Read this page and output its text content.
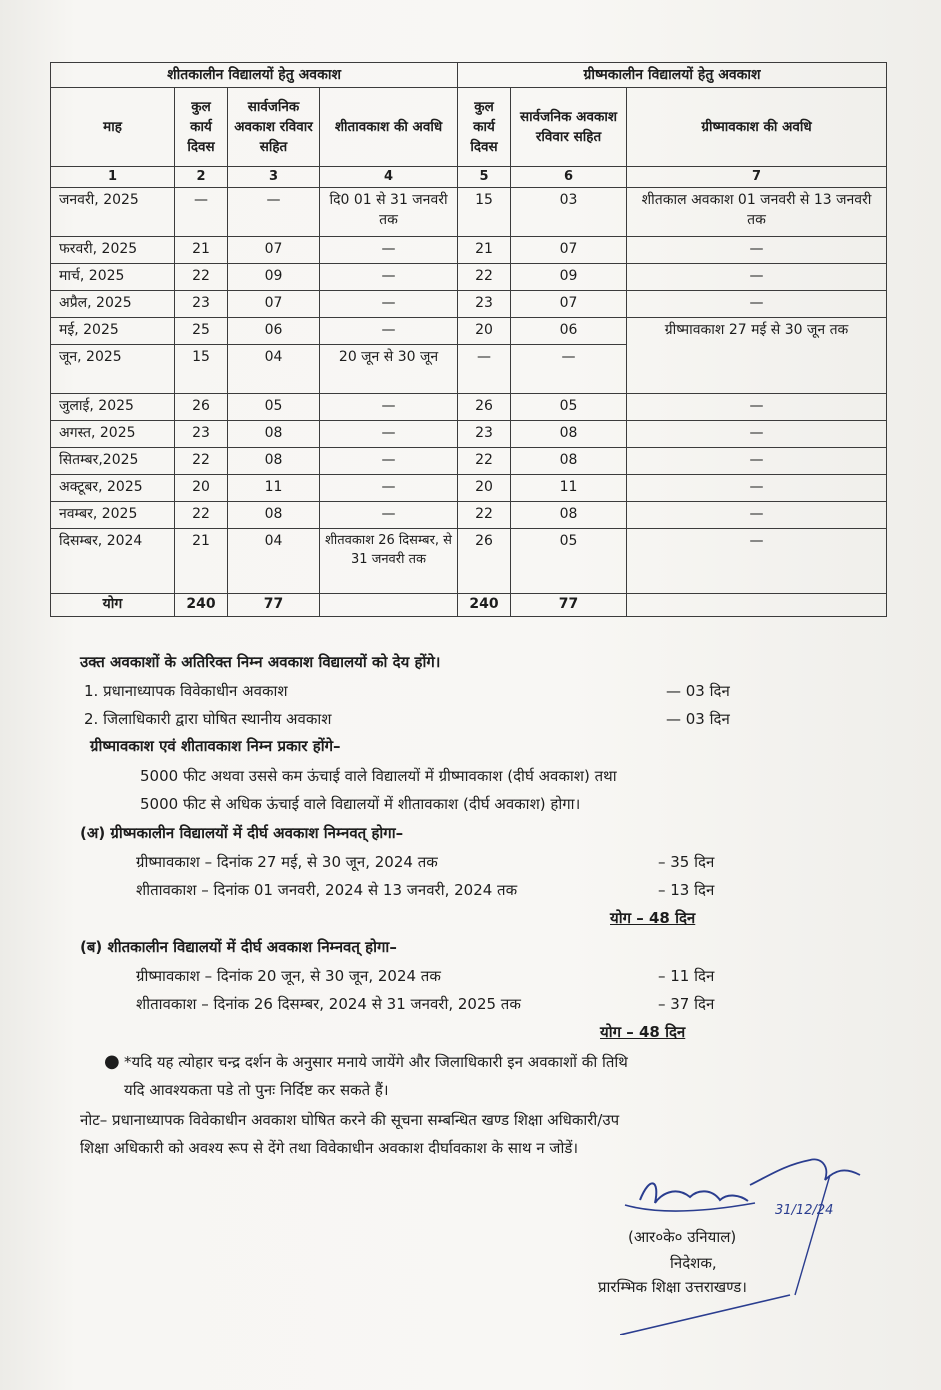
शीतकालीन विद्यालयों हेतु अवकाश				ग्रीष्मकालीन विद्यालयों हेतु अवकाश		
माह	कुल कार्य दिवस	सार्वजनिक अवकाश रविवार सहित	शीतावकाश की अवधि	कुल कार्य दिवस	सार्वजनिक अवकाश रविवार सहित	ग्रीष्मावकाश की अवधि
1	2	3	4	5	6	7
जनवरी, 2025	—	—	दि0 01 से 31 जनवरी तक	15	03	शीतकाल अवकाश 01 जनवरी से 13 जनवरी तक
फरवरी, 2025	21	07	—	21	07	—
मार्च, 2025	22	09	—	22	09	—
अप्रैल, 2025	23	07	—	23	07	—
मई, 2025	25	06	—	20	06	ग्रीष्मावकाश 27 मई से 30 जून तक
जून, 2025	15	04	20 जून से 30 जून	—	—	
जुलाई, 2025	26	05	—	26	05	—
अगस्त, 2025	23	08	—	23	08	—
सितम्बर,2025	22	08	—	22	08	—
अक्टूबर, 2025	20	11	—	20	11	—
नवम्बर, 2025	22	08	—	22	08	—
दिसम्बर, 2024	21	04	शीतवकाश 26 दिसम्बर, से 31 जनवरी तक	26	05	—
योग	240	77		240	77	
उक्त अवकाशों के अतिरिक्त निम्न अवकाश विद्यालयों को देय होंगे।
1. प्रधानाध्यापक विवेकाधीन अवकाश	— 03 दिन
2. जिलाधिकारी द्वारा घोषित स्थानीय अवकाश	— 03 दिन
ग्रीष्मावकाश एवं शीतावकाश निम्न प्रकार होंगे–
5000 फीट अथवा उससे कम ऊंचाई वाले विद्यालयों में ग्रीष्मावकाश (दीर्घ अवकाश) तथा
5000 फीट से अधिक ऊंचाई वाले विद्यालयों में शीतावकाश (दीर्घ अवकाश) होगा।
(अ) ग्रीष्मकालीन विद्यालयों में दीर्घ अवकाश निम्नवत् होगा–
ग्रीष्मावकाश – दिनांक 27 मई, से 30 जून, 2024 तक	– 35 दिन
शीतावकाश – दिनांक 01 जनवरी, 2024 से 13 जनवरी, 2024 तक	– 13 दिन
योग – 48 दिन
(ब) शीतकालीन विद्यालयों में दीर्घ अवकाश निम्नवत् होगा–
ग्रीष्मावकाश – दिनांक 20 जून, से 30 जून, 2024 तक	– 11 दिन
शीतावकाश – दिनांक 26 दिसम्बर, 2024 से 31 जनवरी, 2025 तक	– 37 दिन
योग – 48 दिन
● *यदि यह त्योहार चन्द्र दर्शन के अनुसार मनाये जायेंगे और जिलाधिकारी इन अवकाशों की तिथि
यदि आवश्यकता पडे तो पुनः निर्दिष्ट कर सकते हैं।
नोट– प्रधानाध्यापक विवेकाधीन अवकाश घोषित करने की सूचना सम्बन्धित खण्ड शिक्षा अधिकारी/उप
शिक्षा अधिकारी को अवश्य रूप से देंगे तथा विवेकाधीन अवकाश दीर्घावकाश के साथ न जोडें।
31/12/24
(आर०के० उनियाल)
निदेशक,
प्रारम्भिक शिक्षा उत्तराखण्ड।
